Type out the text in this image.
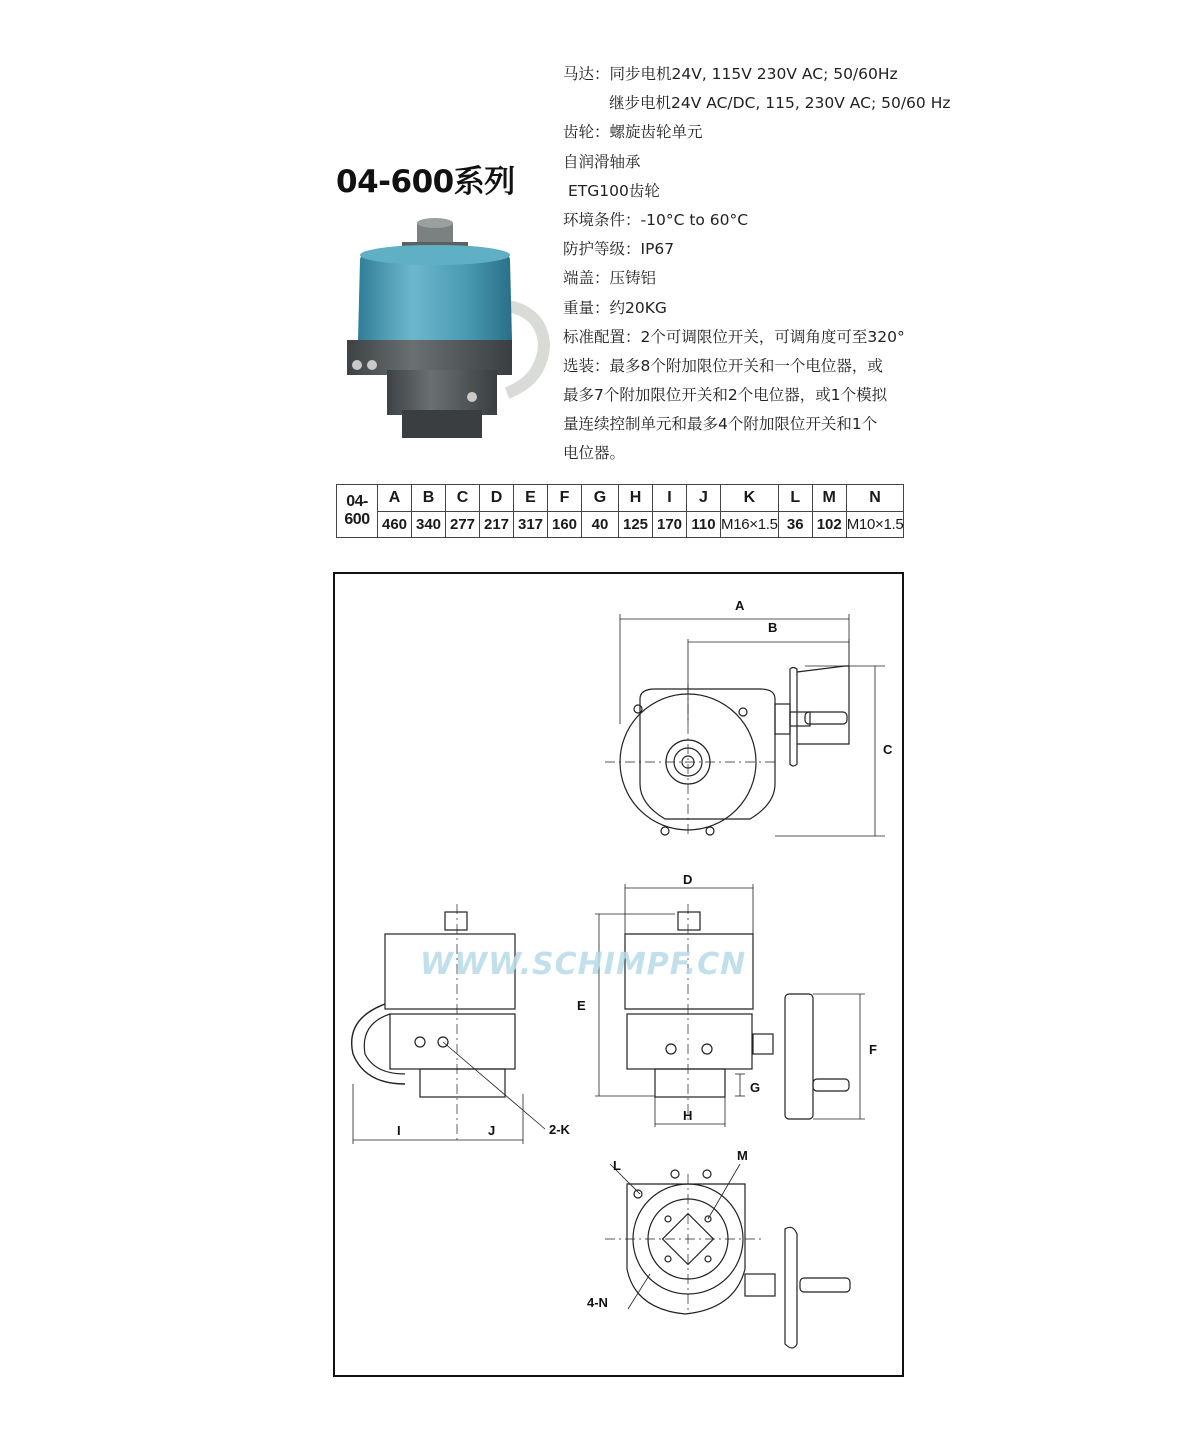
04-600系列
马达：同步电机24V, 115V 230V AC; 50/60Hz
继步电机24V AC/DC, 115, 230V AC; 50/60 Hz
齿轮：螺旋齿轮单元
自润滑轴承
ETG100齿轮
环境条件：-10°C to 60°C
防护等级：IP67
端盖：压铸铝
重量：约20KG
标准配置：2个可调限位开关，可调角度可至320°
选装：最多8个附加限位开关和一个电位器，或
最多7个附加限位开关和2个电位器，或1个模拟
量连续控制单元和最多4个附加限位开关和1个
电位器。
04-600	A	B	C	D	E	F	G	H	I	J	K	L	M	N
	460	340	277	217	317	160	40	125	170	110	M16×1.5	36	102	M10×1.5
A
B
C
D
E
F
G
H
I	J	2-K
L
M
4-N
WWW.SCHIMPF.CN
